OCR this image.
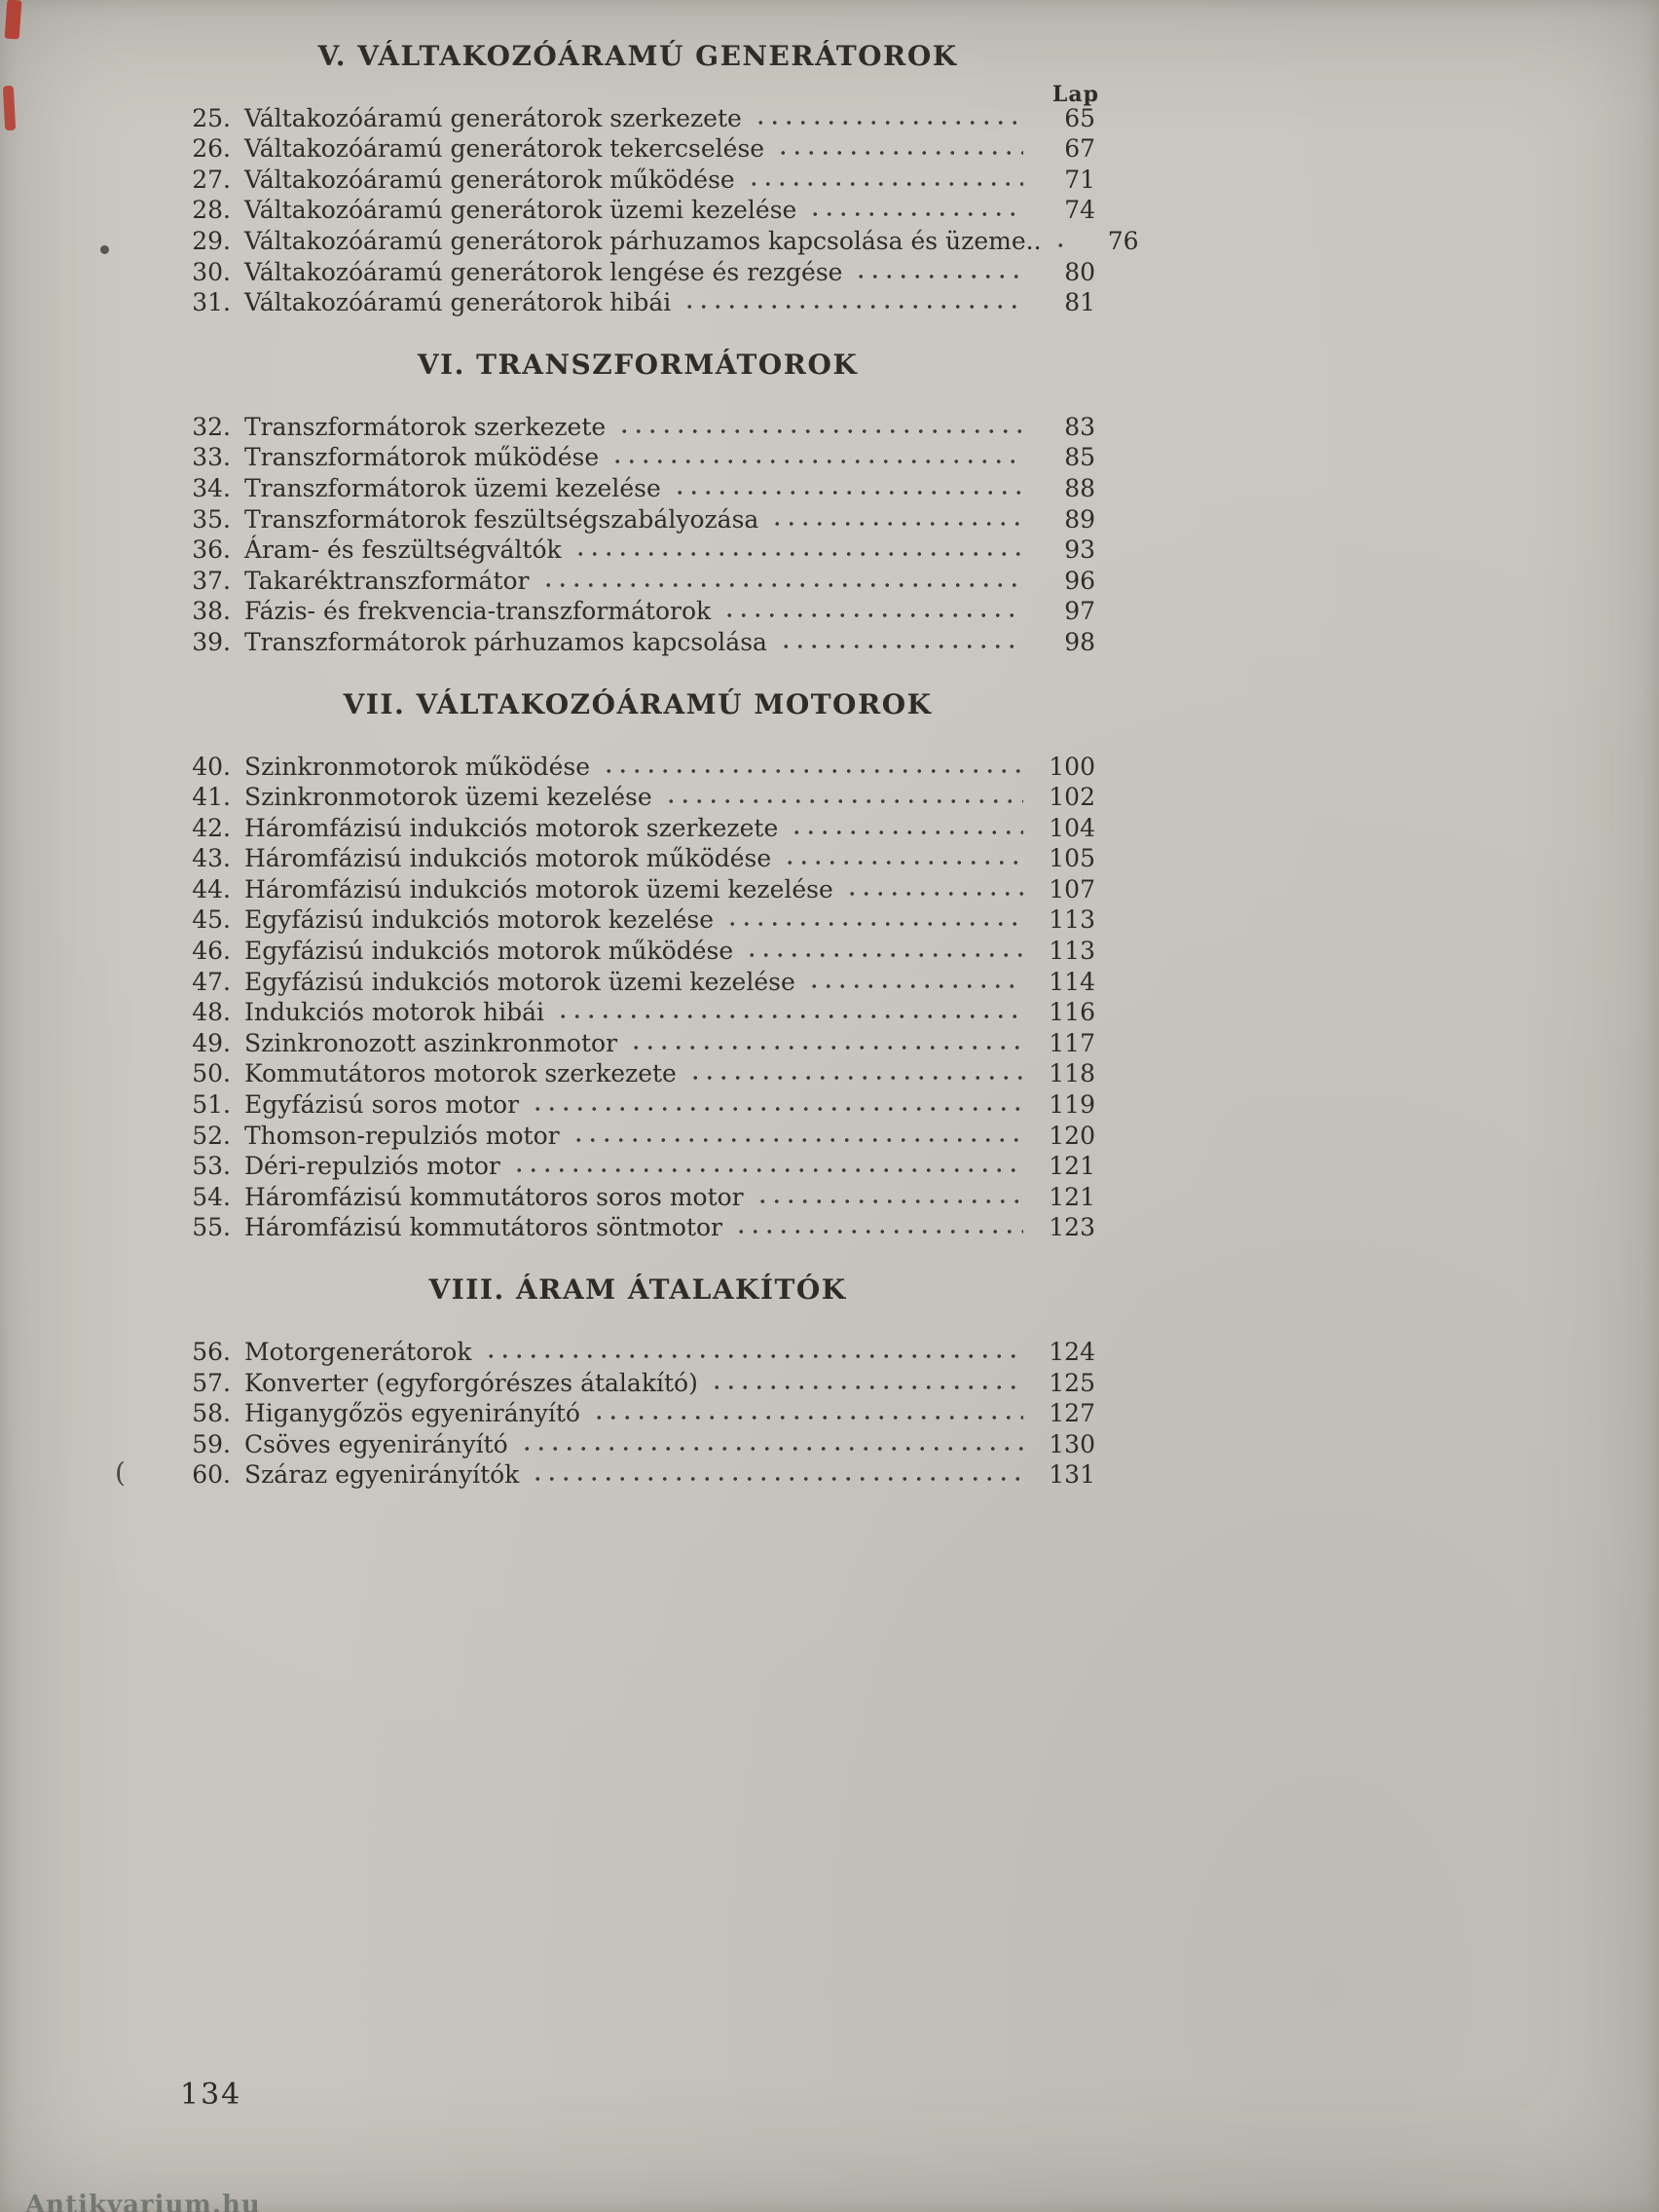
(
Lap
V. VÁLTAKOZÓÁRAMÚ GENERÁTOROK
25. Váltakozóáramú generátorok szerkezete	65
26. Váltakozóáramú generátorok tekercselése	67
27. Váltakozóáramú generátorok működése	71
28. Váltakozóáramú generátorok üzemi kezelése	74
29. Váltakozóáramú generátorok párhuzamos kapcsolása és üzeme..	76
30. Váltakozóáramú generátorok lengése és rezgése	80
31. Váltakozóáramú generátorok hibái	81
VI. TRANSZFORMÁTOROK
32. Transzformátorok szerkezete	83
33. Transzformátorok működése	85
34. Transzformátorok üzemi kezelése	88
35. Transzformátorok feszültségszabályozása	89
36. Áram- és feszültségváltók	93
37. Takaréktranszformátor	96
38. Fázis- és frekvencia-transzformátorok	97
39. Transzformátorok párhuzamos kapcsolása	98
VII. VÁLTAKOZÓÁRAMÚ MOTOROK
40. Szinkronmotorok működése	100
41. Szinkronmotorok üzemi kezelése	102
42. Háromfázisú indukciós motorok szerkezete	104
43. Háromfázisú indukciós motorok működése	105
44. Háromfázisú indukciós motorok üzemi kezelése	107
45. Egyfázisú indukciós motorok kezelése	113
46. Egyfázisú indukciós motorok működése	113
47. Egyfázisú indukciós motorok üzemi kezelése	114
48. Indukciós motorok hibái	116
49. Szinkronozott aszinkronmotor	117
50. Kommutátoros motorok szerkezete	118
51. Egyfázisú soros motor	119
52. Thomson-repulziós motor	120
53. Déri-repulziós motor	121
54. Háromfázisú kommutátoros soros motor	121
55. Háromfázisú kommutátoros söntmotor	123
VIII. ÁRAM ÁTALAKÍTÓK
56. Motorgenerátorok	124
57. Konverter (egyforgórészes átalakító)	125
58. Higanygőzös egyenirányító	127
59. Csöves egyenirányító	130
60. Száraz egyenirányítók	131
134
Antikvarium.hu
